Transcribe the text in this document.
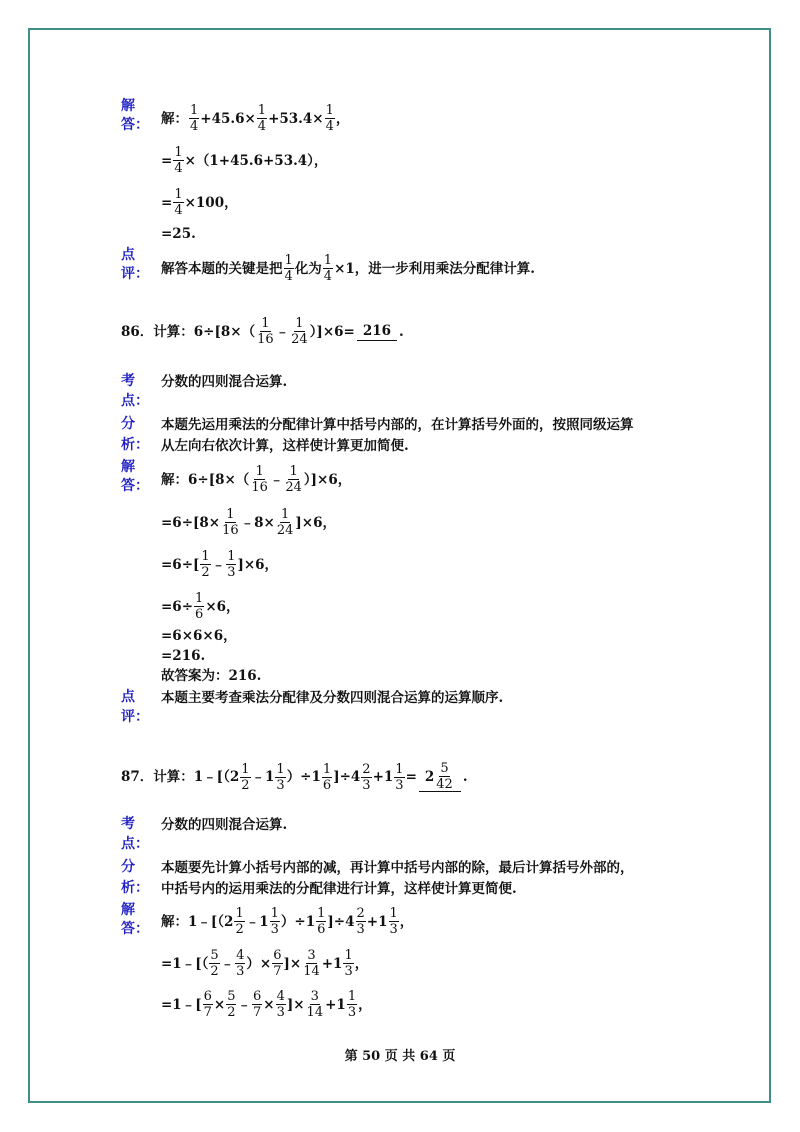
解
答： 解： $\frac{1}{4} +45.6\times \frac{1}{4} +53.4\times \frac{1}{4}$ ，
= $\frac{1}{4} \times(1+45.6+53.4)$，
= $\frac{1}{4} \times 100$，
=25.
点
评： 解答本题的关键是把 $\frac{1}{4}$ 化为 $\frac{1}{4} \times 1$，进一步利用乘法分配律计算.
86．计算：$6\div[8\times( \frac{1}{16}$ ﹣ $\frac{1}{24} )]\times 6= 216$ .
考
点：
分数的四则混合运算.
分
析：
本题先运用乘法的分配律计算中括号内部的，在计算括号外面的，按照同级运算
从左向右依次计算，这样使计算更加简便.
解
答： 解：$6\div[8\times( \frac{1}{16}$ ﹣ $\frac{1}{24} )]\times 6$，
$=6\div[8\times \frac{1}{16}$ ﹣8× $\frac{1}{24} ]\times 6$，
$=6\div[ \frac{1}{2}$ ﹣ $\frac{1}{3} ]\times 6$，
$=6\div \frac{1}{6} \times 6$，
=6×6×6，
=216.
故答案为：216.
点
评：
本题主要考查乘法分配律及分数四则混合运算的运算顺序.
87．计算：1﹣[（2 $\frac{1}{2}$ ﹣1 $\frac{1}{3} )\div 1 \frac{1}{6} ]\div 4 \frac{2}{3} +1 \frac{1}{3} = 2 \frac{5}{42}$ .
考
点：
分数的四则混合运算.
分
析：
本题要先计算小括号内部的减，再计算中括号内部的除，最后计算括号外部的，
中括号内的运用乘法的分配律进行计算，这样使计算更简便.
解
答： 解：1﹣[（2 $\frac{1}{2}$ ﹣1 $\frac{1}{3} )\div 1 \frac{1}{6} ]\div 4 \frac{2}{3} +1 \frac{1}{3}$ ，
=1﹣[（ $\frac{5}{2}$ ﹣ $\frac{4}{3}$ ）× $\frac{6}{7}$ ]× $\frac{3}{14} +1 \frac{1}{3}$ ，
=1﹣[ $\frac{6}{7} \times \frac{5}{2}$ ﹣ $\frac{6}{7} \times \frac{4}{3}$ ]× $\frac{3}{14} +1 \frac{1}{3}$ ，
第 50 页 共 64 页
